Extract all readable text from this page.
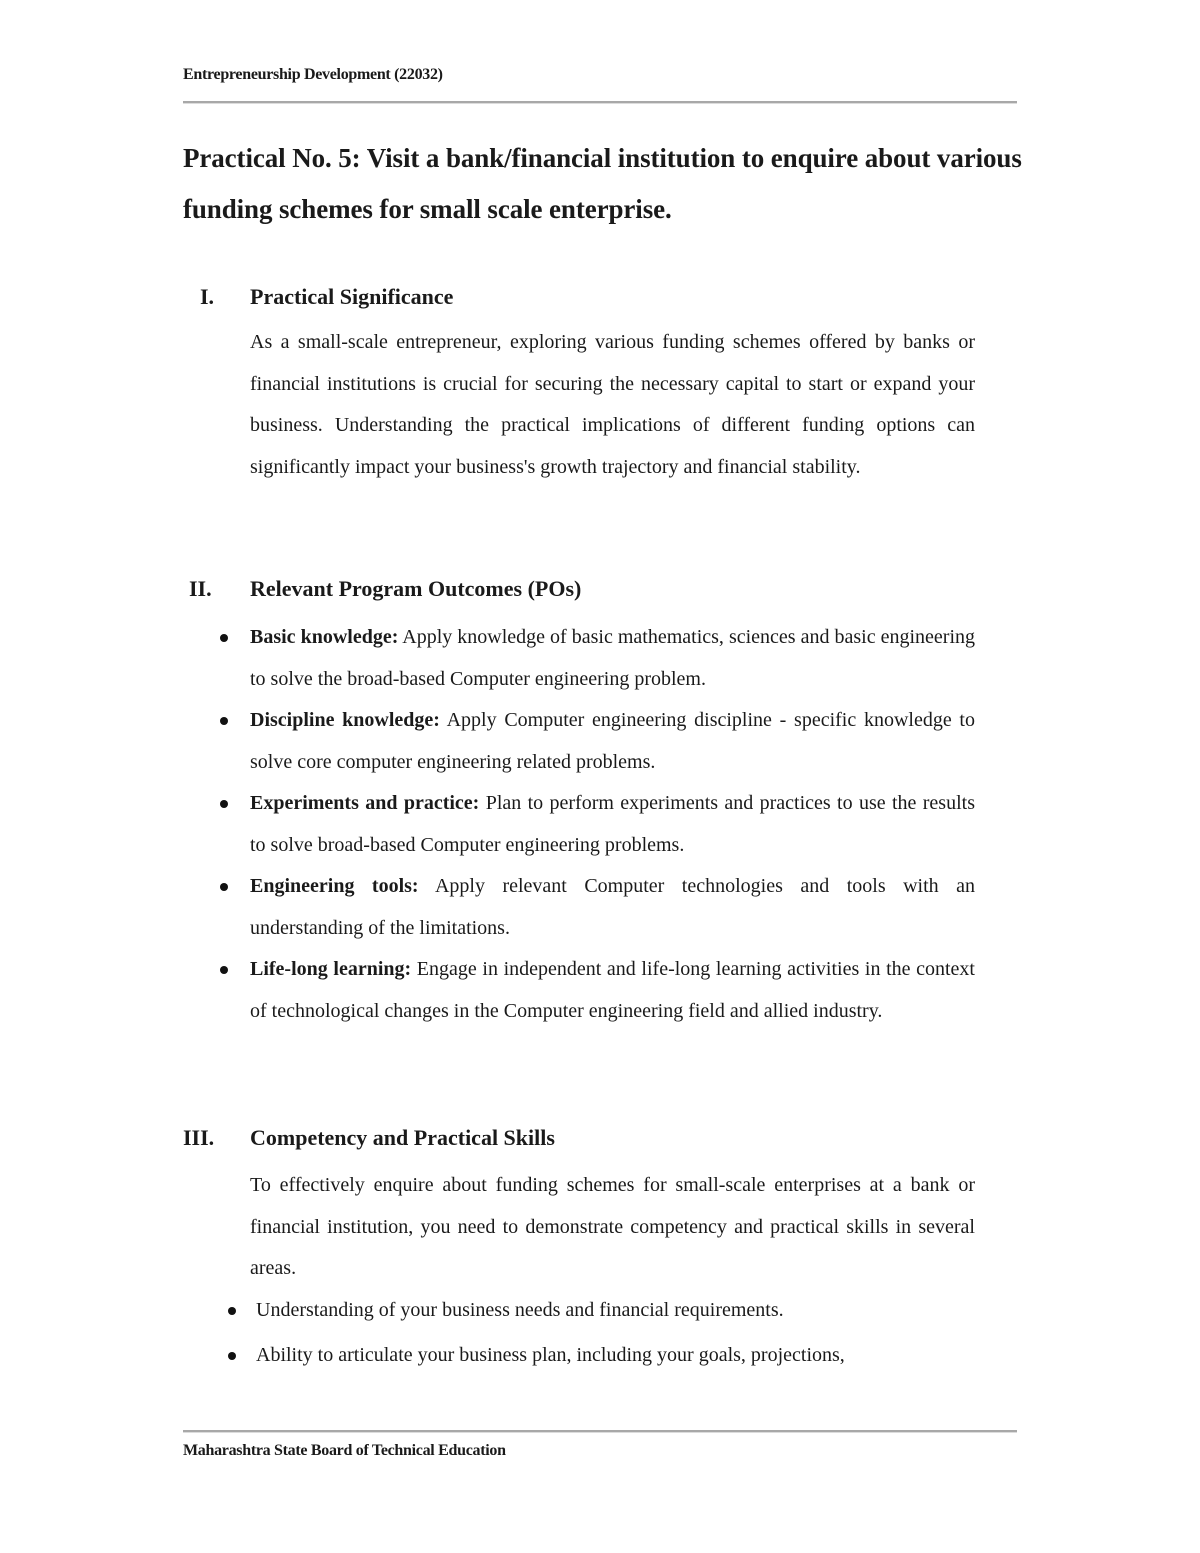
Entrepreneurship Development (22032)
Practical No. 5: Visit a bank/financial institution to enquire about various funding schemes for small scale enterprise.
I. Practical Significance

As a small-scale entrepreneur, exploring various funding schemes offered by banks or financial institutions is crucial for securing the necessary capital to start or expand your business. Understanding the practical implications of different funding options can significantly impact your business's growth trajectory and financial stability.

II. Relevant Program Outcomes (POs)
Basic knowledge: Apply knowledge of basic mathematics, sciences and basic engineering to solve the broad-based Computer engineering problem.
Discipline knowledge: Apply Computer engineering discipline - specific knowledge to solve core computer engineering related problems.
Experiments and practice: Plan to perform experiments and practices to use the results to solve broad-based Computer engineering problems.
Engineering tools: Apply relevant Computer technologies and tools with an understanding of the limitations.
Life-long learning: Engage in independent and life-long learning activities in the context of technological changes in the Computer engineering field and allied industry.
III. Competency and Practical Skills

To effectively enquire about funding schemes for small-scale enterprises at a bank or financial institution, you need to demonstrate competency and practical skills in several areas.

Understanding of your business needs and financial requirements.
Ability to articulate your business plan, including your goals, projections,
Maharashtra State Board of Technical Education
